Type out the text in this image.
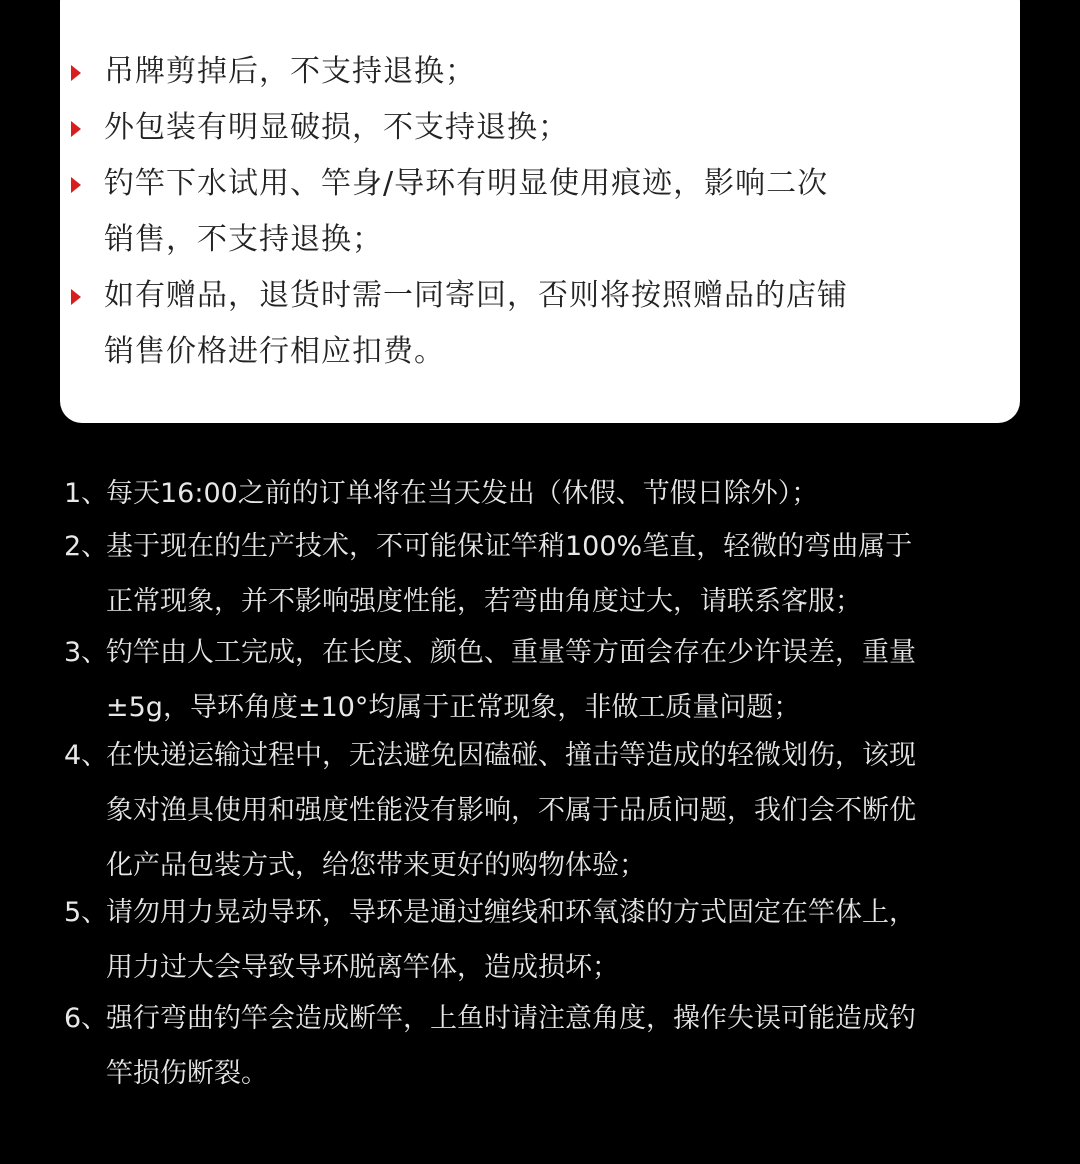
吊牌剪掉后，不支持退换；

外包装有明显破损，不支持退换；

钓竿下水试用、竿身/导环有明显使用痕迹，影响二次
销售，不支持退换；

如有赠品，退货时需一同寄回，否则将按照赠品的店铺
销售价格进行相应扣费。

1、

每天16:00之前的订单将在当天发出（休假、节假日除外）；

2、

基于现在的生产技术，不可能保证竿稍100%笔直，轻微的弯曲属于
正常现象，并不影响强度性能，若弯曲角度过大，请联系客服；

3、

钓竿由人工完成，在长度、颜色、重量等方面会存在少许误差，重量
±5g，导环角度±10°均属于正常现象，非做工质量问题；

4、

在快递运输过程中，无法避免因磕碰、撞击等造成的轻微划伤，该现
象对渔具使用和强度性能没有影响，不属于品质问题，我们会不断优
化产品包装方式，给您带来更好的购物体验；

5、

请勿用力晃动导环，导环是通过缠线和环氧漆的方式固定在竿体上，
用力过大会导致导环脱离竿体，造成损坏；

6、

强行弯曲钓竿会造成断竿，上鱼时请注意角度，操作失误可能造成钓
竿损伤断裂。
